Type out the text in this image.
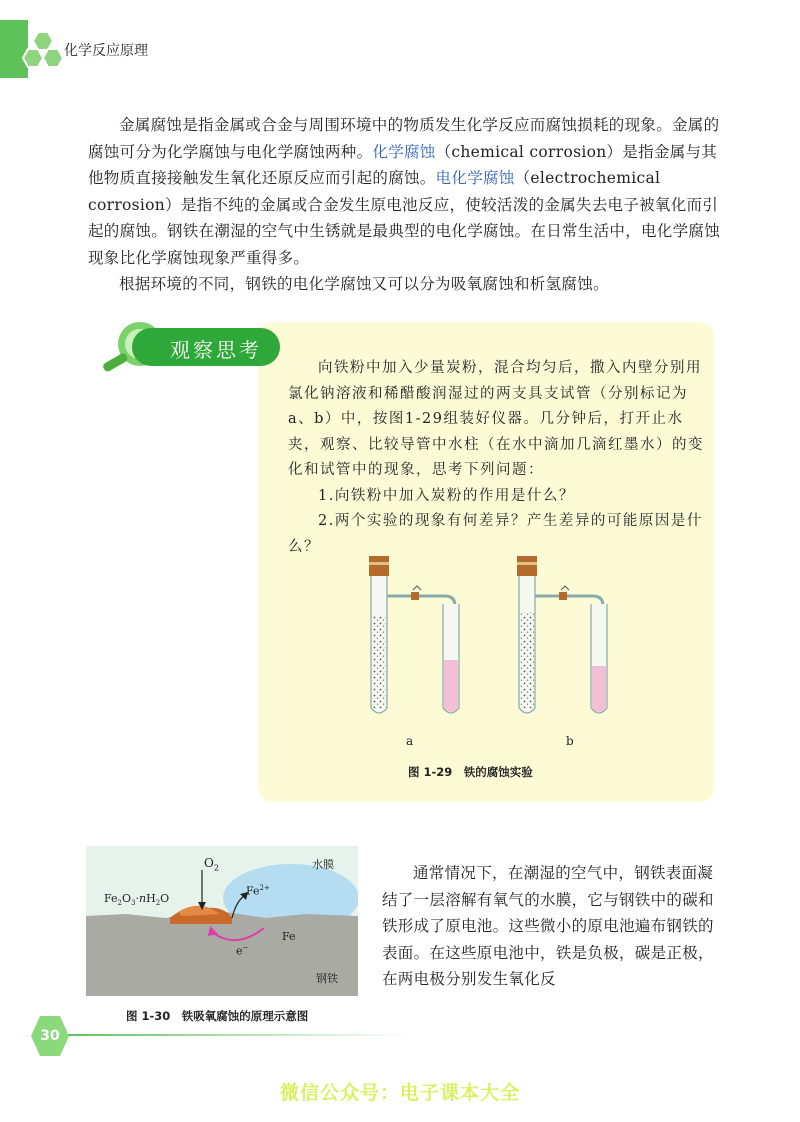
化学反应原理

金属腐蚀是指金属或合金与周围环境中的物质发生化学反应而腐蚀损耗的现象。金属的腐蚀可分为化学腐蚀与电化学腐蚀两种。化学腐蚀（chemical corrosion）是指金属与其他物质直接接触发生氧化还原反应而引起的腐蚀。电化学腐蚀（electrochemical corrosion）是指不纯的金属或合金发生原电池反应，使较活泼的金属失去电子被氧化而引起的腐蚀。钢铁在潮湿的空气中生锈就是最典型的电化学腐蚀。在日常生活中，电化学腐蚀现象比化学腐蚀现象严重得多。

根据环境的不同，钢铁的电化学腐蚀又可以分为吸氧腐蚀和析氢腐蚀。

观察思考

向铁粉中加入少量炭粉，混合均匀后，撒入内壁分别用氯化钠溶液和稀醋酸润湿过的两支具支试管（分别标记为a、b）中，按图1-29组装好仪器。几分钟后，打开止水夹，观察、比较导管中水柱（在水中滴加几滴红墨水）的变化和试管中的现象，思考下列问题：

1.向铁粉中加入炭粉的作用是什么？

2.两个实验的现象有何差异？产生差异的可能原因是什么？

a	b
图 1-29　铁的腐蚀实验
$O_2$	水膜
$Fe_2O_3\cdot nH_2O$
$Fe^{2+}$
Fe
e−
钢铁
图 1-30　铁吸氧腐蚀的原理示意图

通常情况下，在潮湿的空气中，钢铁表面凝结了一层溶解有氧气的水膜，它与钢铁中的碳和铁形成了原电池。这些微小的原电池遍布钢铁的表面。在这些原电池中，铁是负极，碳是正极，在两电极分别发生氧化反

30
微信公众号：电子课本大全
